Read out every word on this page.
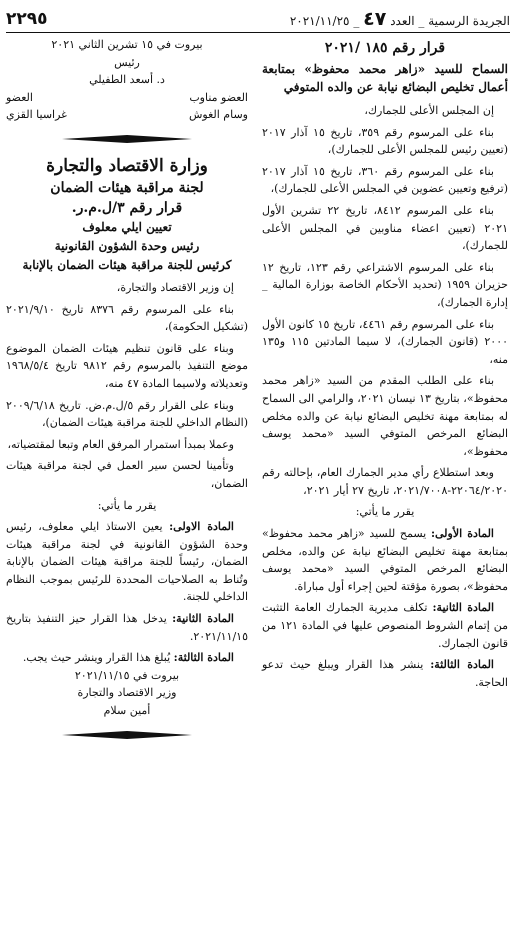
الجريدة الرسمية _ العدد ٤٧ _ ٢٠٢١/١١/٢٥
٢٢٩٥
قرار رقم ١٨٥ /٢٠٢١
السماح للسيد «زاهر محمد محفوظ» بمتابعة أعمال تخليص البضائع نيابة عن والده المتوفي

إن المجلس الأعلى للجمارك،

بناء على المرسوم رقم ٣٥٩، تاريخ ١٥ آذار ٢٠١٧ (تعيين رئيس للمجلس الأعلى للجمارك)،

بناء على المرسوم رقم ٣٦٠، تاريخ ١٥ آذار ٢٠١٧ (ترفيع وتعيين عضوين في المجلس الأعلى للجمارك)،

بناء على المرسوم ٨٤١٢، تاريخ ٢٢ تشرين الأول ٢٠٢١ (تعيين اعضاء مناوبين في المجلس الأعلى للجمارك)،

بناء على المرسوم الاشتراعي رقم ١٢٣، تاريخ ١٢ حزيران ١٩٥٩ (تحديد الأحكام الخاصة بوزارة المالية _ إدارة الجمارك)،

بناء على المرسوم رقم ٤٤٦١، تاريخ ١٥ كانون الأول ٢٠٠٠ (قانون الجمارك)، لا سيما المادتين ١١٥ و١٣٥ منه،

بناء على الطلب المقدم من السيد «زاهر محمد محفوظ»، بتاريخ ١٣ نيسان ٢٠٢١، والرامي الى السماح له بمتابعة مهنة تخليص البضائع نيابة عن والده مخلص البضائع المرخص المتوفي السيد «محمد يوسف محفوظ»،

وبعد استطلاع رأي مدير الجمارك العام، بإحالته رقم ٢٢٠٦٤/٢٠٢٠-٢٠٢١/٧٠٠٨، تاريخ ٢٧ أيار ٢٠٢١،

يقرر ما يأتي:

المادة الأولى: يسمح للسيد «زاهر محمد محفوظ» بمتابعة مهنة تخليص البضائع نيابة عن والده، مخلص البضائع المرخص المتوفي السيد «محمد يوسف محفوظ»، بصورة مؤقتة لحين إجراء أول مباراة.

المادة الثانية: تكلف مديرية الجمارك العامة التثبت من إتمام الشروط المنصوص عليها في المادة ١٢١ من قانون الجمارك.

المادة الثالثة: ينشر هذا القرار ويبلغ حيث تدعو الحاجة.

بيروت في ١٥ تشرين الثاني ٢٠٢١
رئيس
د. أسعد الطفيلي
العضو مناوب
العضو
وسام الغوش
غراسيا القزي
وزارة الاقتصاد والتجارة
لجنة مراقبة هيئات الضمان
قرار رقم ٣/ل.م.ر.
تعيين ايلي معلوف
رئيس وحدة الشؤون القانونية
كرئيس للجنة مراقبة هيئات الضمان بالإنابة

إن وزير الاقتصاد والتجارة،

بناء على المرسوم رقم ٨٣٧٦ تاريخ ٢٠٢١/٩/١٠ (تشكيل الحكومة)،

وبناء على قانون تنظيم هيئات الضمان الموضوع موضع التنفيذ بالمرسوم رقم ٩٨١٢ تاريخ ١٩٦٨/٥/٤ وتعديلاته ولاسيما المادة ٤٧ منه،

وبناء على القرار رقم ٥/ل.م.ض. تاريخ ٢٠٠٩/٦/١٨ (النظام الداخلي للجنة مراقبة هيئات الضمان)،

وعملا بمبدأ استمرار المرفق العام وتبعا لمقتضياته،

وتأمينا لحسن سير العمل في لجنة مراقبة هيئات الضمان،

يقرر ما يأتي:

المادة الاولى: يعين الاستاذ ايلي معلوف، رئيس وحدة الشؤون القانونية في لجنة مراقبة هيئات الضمان، رئيساً للجنة مراقبة هيئات الضمان بالإنابة وتُناط به الصلاحيات المحددة للرئيس بموجب النظام الداخلي للجنة.

المادة الثانية: يدخل هذا القرار حيز التنفيذ بتاريخ ٢٠٢١/١١/١٥.

المادة الثالثة: يُبلغ هذا القرار وينشر حيث يجب.

بيروت في ٢٠٢١/١١/١٥
وزير الاقتصاد والتجارة
أمين سلام
